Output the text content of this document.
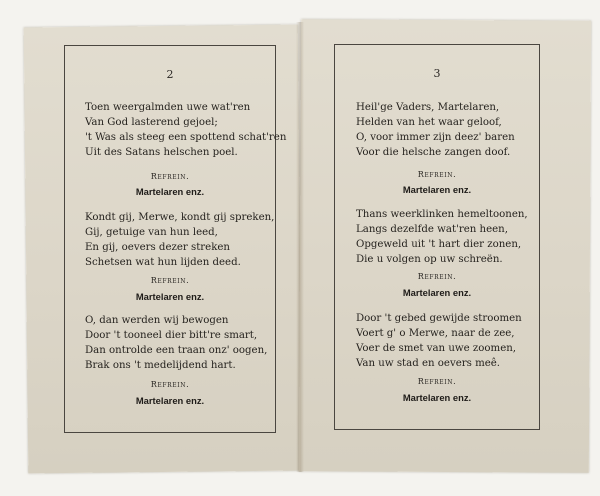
2
Toen weergalmden uwe wat'ren
Van God lasterend gejoel;
't Was als steeg een spottend schat'ren
Uit des Satans helschen poel.
Refrein.
Martelaren enz.
Kondt gij, Merwe, kondt gij spreken,
Gij, getuige van hun leed,
En gij, oevers dezer streken
Schetsen wat hun lijden deed.
Refrein.
Martelaren enz.
O, dan werden wij bewogen
Door 't tooneel dier bitt're smart,
Dan ontrolde een traan onz' oogen,
Brak ons 't medelijdend hart.
Refrein.
Martelaren enz.
3
Heil'ge Vaders, Martelaren,
Helden van het waar geloof,
O, voor immer zijn deez' baren
Voor die helsche zangen doof.
Refrein.
Martelaren enz.
Thans weerklinken hemeltoonen,
Langs dezelfde wat'ren heen,
Opgeweld uit 't hart dier zonen,
Die u volgen op uw schreën.
Refrein.
Martelaren enz.
Door 't gebed gewijde stroomen
Voert g' o Merwe, naar de zee,
Voer de smet van uwe zoomen,
Van uw stad en oevers meê.
Refrein.
Martelaren enz.
